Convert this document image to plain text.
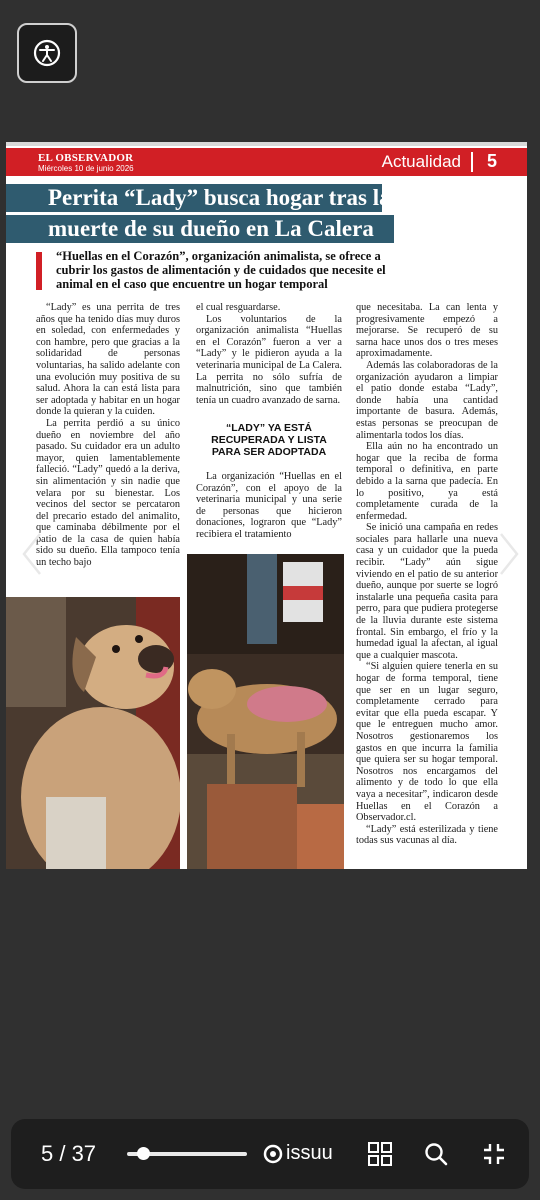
EL OBSERVADOR
Miércoles 10 de junio 2026	Actualidad 5
Perrita “Lady” busca hogar tras la
muerte de su dueño en La Calera
“Huellas en el Corazón”, organización animalista, se ofrece a cubrir los gastos de alimentación y de cuidados que necesite el animal en el caso que encuentre un hogar temporal

“Lady” es una perrita de tres años que ha tenido días muy duros en soledad, con enfermedades y con hambre, pero que gracias a la solidaridad de personas voluntarias, ha salido adelante con una evolución muy positiva de su salud. Ahora la can está lista para ser adoptada y habitar en un hogar donde la quieran y la cuiden.

La perrita perdió a su único dueño en noviembre del año pasado. Su cuidador era un adulto mayor, quien lamentablemente falleció. “Lady” quedó a la deriva, sin alimentación y sin nadie que velara por su bienestar. Los vecinos del sector se percataron del precario estado del animalito, que caminaba débilmente por el patio de la casa de quien había sido su dueño. Ella tampoco tenía un techo bajo

el cual resguardarse.

Los voluntarios de la organización animalista “Huellas en el Corazón” fueron a ver a “Lady” y le pidieron ayuda a la veterinaria municipal de La Calera. La perrita no sólo sufría de malnutrición, sino que también tenía un cuadro avanzado de sarna.

“LADY” YA ESTÁ RECUPERADA Y LISTA PARA SER ADOPTADA

La organización “Huellas en el Corazón”, con el apoyo de la veterinaria municipal y una serie de personas que hicieron donaciones, lograron que “Lady” recibiera el tratamiento

que necesitaba. La can lenta y progresivamente empezó a mejorarse. Se recuperó de su sarna hace unos dos o tres meses aproximadamente.

Además las colaboradoras de la organización ayudaron a limpiar el patio donde estaba “Lady”, donde había una cantidad importante de basura. Además, estas personas se preocupan de alimentarla todos los días.

Ella aún no ha encontrado un hogar que la reciba de forma temporal o definitiva, en parte debido a la sarna que padecía. En lo positivo, ya está completamente curada de la enfermedad.

Se inició una campaña en redes sociales para hallarle una nueva casa y un cuidador que la pueda recibir. “Lady” aún sigue viviendo en el patio de su anterior dueño, aunque por suerte se logró instalarle una pequeña casita para perro, para que pudiera protegerse de la lluvia durante este sistema frontal. Sin embargo, el frío y la humedad igual la afectan, al igual que a cualquier mascota.

“Si alguien quiere tenerla en su hogar de forma temporal, tiene que ser en un lugar seguro, completamente cerrado para evitar que ella pueda escapar. Y que le entreguen mucho amor. Nosotros gestionaremos los gastos en que incurra la familia que quiera ser su hogar temporal. Nosotros nos encargamos del alimento y de todo lo que ella vaya a necesitar”, indicaron desde Huellas en el Corazón a Observador.cl.

“Lady” está esterilizada y tiene todas sus vacunas al día.

5 / 37	issuu
